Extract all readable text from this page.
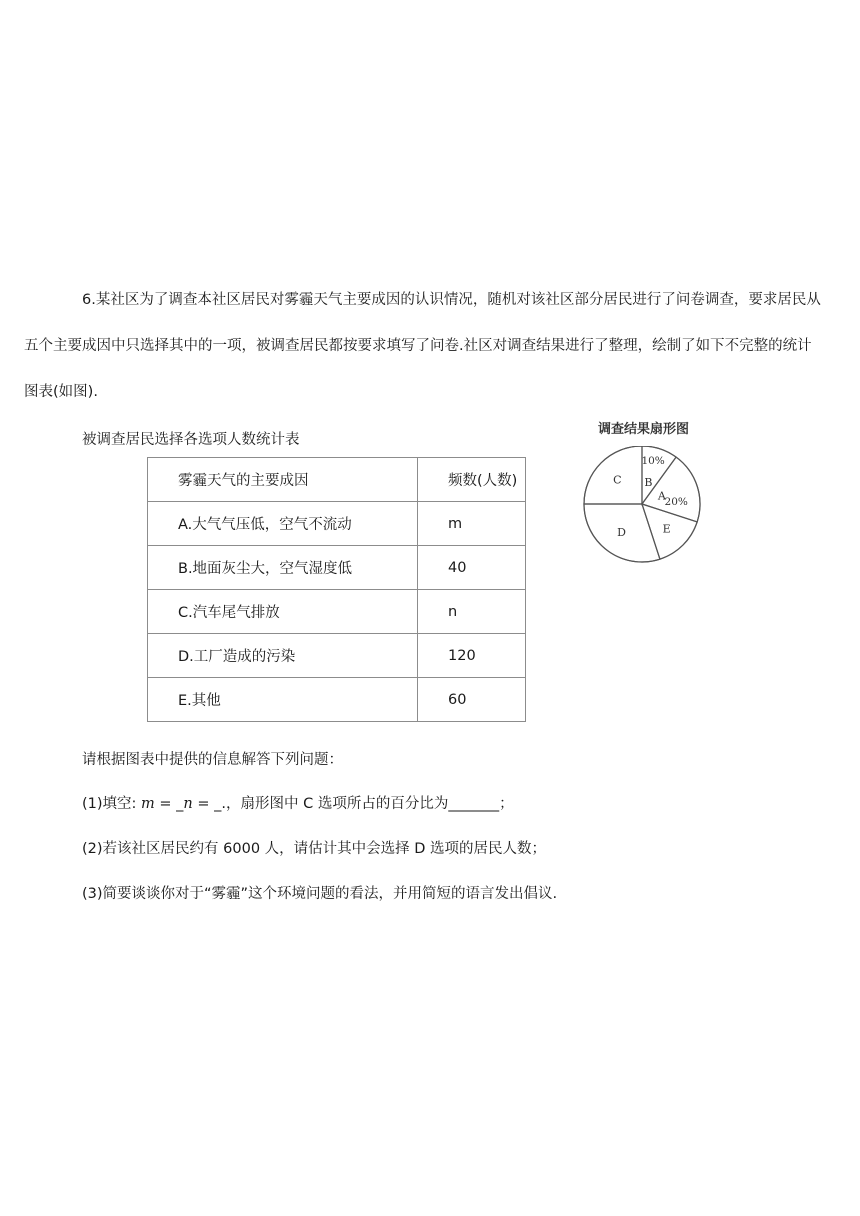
6.某社区为了调查本社区居民对雾霾天气主要成因的认识情况，随机对该社区部分居民进行了问卷调查，要求居民从五个主要成因中只选择其中的一项，被调查居民都按要求填写了问卷.社区对调查结果进行了整理，绘制了如下不完整的统计图表(如图).

被调查居民选择各选项人数统计表

雾霾天气的主要成因	频数(人数)
A.大气气压低，空气不流动	m
B.地面灰尘大，空气湿度低	40
C.汽车尾气排放	n
D.工厂造成的污染	120
E.其他	60
调查结果扇形图
B
10%
A
20%
E
D
C

请根据图表中提供的信息解答下列问题：

(1)填空: m = _n = _.，扇形图中 C 选项所占的百分比为_______；

(2)若该社区居民约有 6000 人，请估计其中会选择 D 选项的居民人数；

(3)简要谈谈你对于“雾霾”这个环境问题的看法，并用简短的语言发出倡议.
